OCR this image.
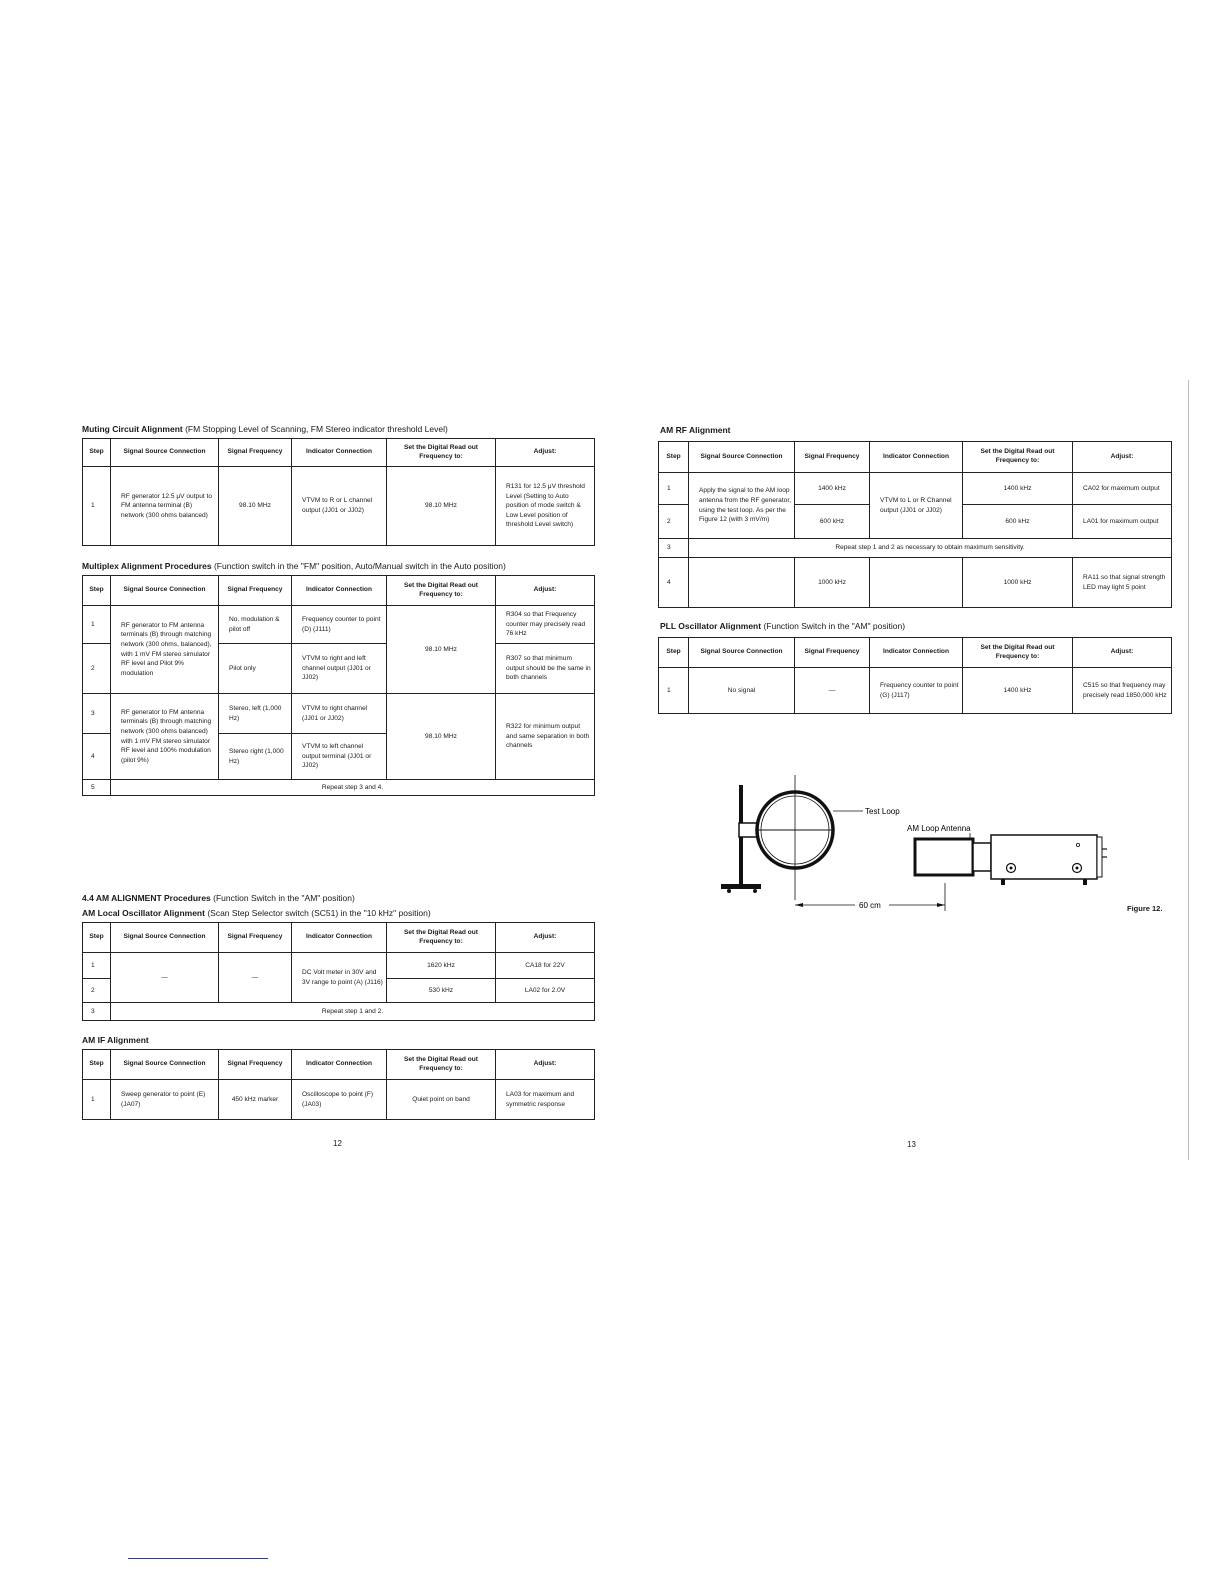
Muting Circuit Alignment (FM Stopping Level of Scanning, FM Stereo indicator threshold Level)
Step	Signal Source Connection	Signal Frequency	Indicator Connection	Set the Digital Read out Frequency to:	Adjust:
1	RF generator 12.5 μV output to FM antenna terminal (B) network (300 ohms balanced)	98.10 MHz	VTVM to R or L channel output (JJ01 or JJ02)	98.10 MHz	R131 for 12.5 μV threshold Level (Setting to Auto position of mode switch & Low Level position of threshold Level switch)
Multiplex Alignment Procedures (Function switch in the "FM" position, Auto/Manual switch in the Auto position)
Step	Signal Source Connection	Signal Frequency	Indicator Connection	Set the Digital Read out Frequency to:	Adjust:
1	RF generator to FM antenna terminals (B) through matching network (300 ohms, balanced), with 1 mV FM stereo simulator RF level and Pilot 9% modulation	No. modulation & pilot off	Frequency counter to point (D) (J111)	98.10 MHz	R304 so that Frequency counter may precisely read 76 kHz
2		Pilot only	VTVM to right and left channel output (JJ01 or JJ02)		R307 so that minimum output should be the same in both channels
3	RF generator to FM antenna terminals (B) through matching network (300 ohms balanced) with 1 mV FM stereo simulator RF level and 100% modulation (pilot 9%)	Stereo, left (1,000 Hz)	VTVM to right channel (JJ01 or JJ02)	98.10 MHz	R322 for minimum output and same separation in both channels
4		Stereo right (1,000 Hz)	VTVM to left channel output terminal (JJ01 or JJ02)		
5	Repeat step 3 and 4.				
4.4 AM ALIGNMENT Procedures (Function Switch in the "AM" position)
AM Local Oscillator Alignment (Scan Step Selector switch (SC51) in the "10 kHz" position)
Step	Signal Source Connection	Signal Frequency	Indicator Connection	Set the Digital Read out Frequency to:	Adjust:
1	—	—	DC Volt meter in 30V and 3V range to point (A) (J116)	1620 kHz	CA18 for 22V
2				530 kHz	LA02 for 2.0V
3	Repeat step 1 and 2.				
AM IF Alignment
Step	Signal Source Connection	Signal Frequency	Indicator Connection	Set the Digital Read out Frequency to:	Adjust:
1	Sweep generator to point (E) (JA07)	450 kHz marker	Oscilloscope to point (F) (JA03)	Quiet point on band	LA03 for maximum and symmetric response
12
AM RF Alignment
Step	Signal Source Connection	Signal Frequency	Indicator Connection	Set the Digital Read out Frequency to:	Adjust:
1	Apply the signal to the AM loop antenna from the RF generator, using the test loop. As per the Figure 12 (with 3 mV/m)	1400 kHz	VTVM to L or R Channel output (JJ01 or JJ02)	1400 kHz	CA02 for maximum output
2		600 kHz		600 kHz	LA01 for maximum output
3	Repeat step 1 and 2 as necessary to obtain maximum sensitivity.				
4		1000 kHz		1000 kHz	RA11 so that signal strength LED may light 5 point
PLL Oscillator Alignment (Function Switch in the "AM" position)
Step	Signal Source Connection	Signal Frequency	Indicator Connection	Set the Digital Read out Frequency to:	Adjust:
1	No signal	—	Frequency counter to point (G) (J117)	1400 kHz	C515 so that frequency may precisely read 1850,000 kHz
Test Loop
AM Loop Antenna
60 cm	Figure 12.
13
